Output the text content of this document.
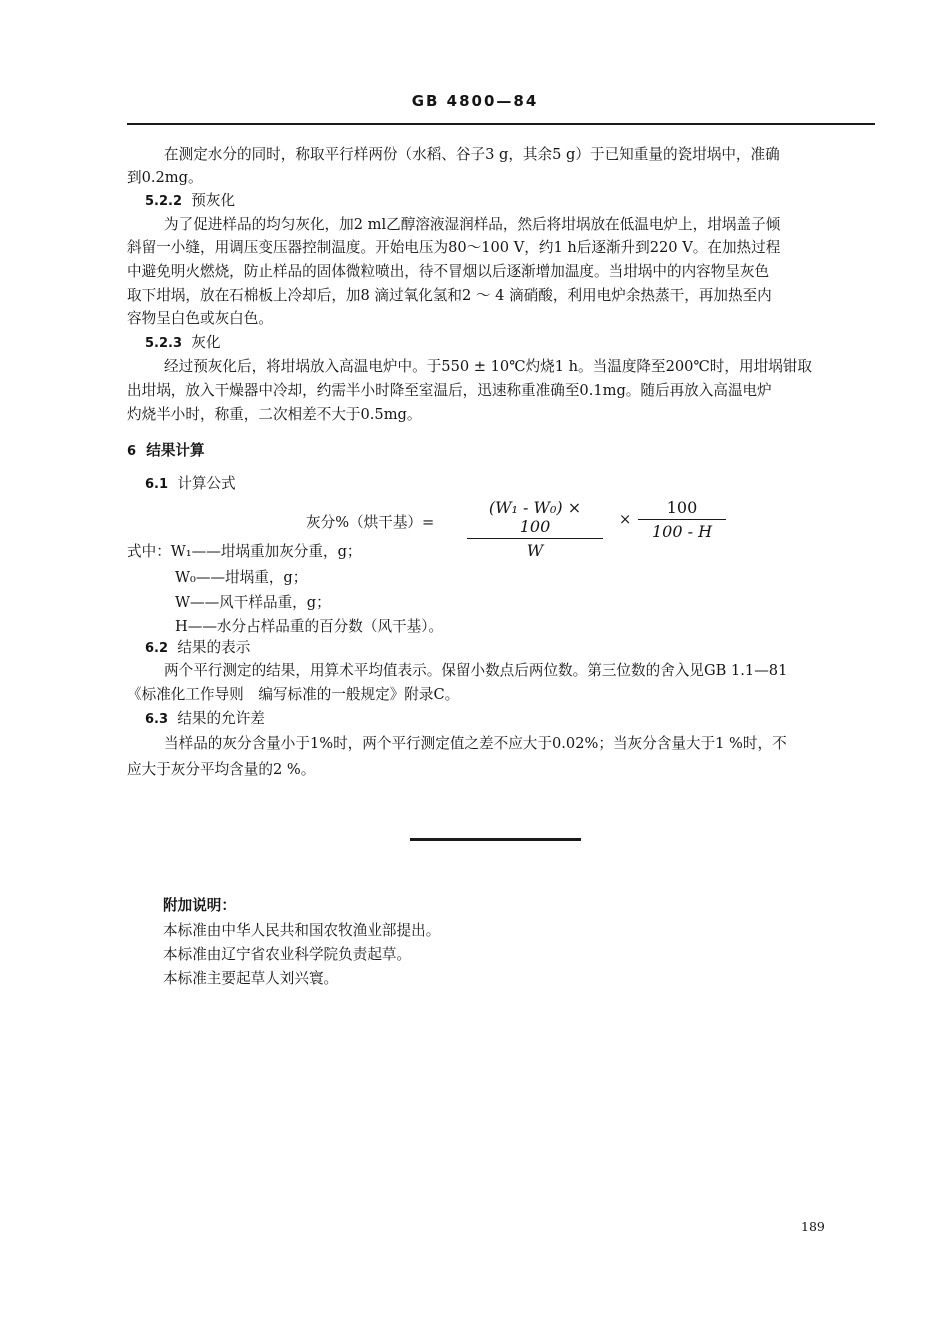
GB 4800—84
在测定水分的同时，称取平行样两份（水稻、谷子3 g，其余5 g）于已知重量的瓷坩埚中，准确
到0.2mg。
5.2.2 预灰化
为了促进样品的均匀灰化，加2 ml乙醇溶液湿润样品，然后将坩埚放在低温电炉上，坩埚盖子倾
斜留一小缝，用调压变压器控制温度。开始电压为80～100 V，约1 h后逐渐升到220 V。在加热过程
中避免明火燃烧，防止样品的固体微粒喷出，待不冒烟以后逐渐增加温度。当坩埚中的内容物呈灰色
取下坩埚，放在石棉板上冷却后，加8 滴过氧化氢和2 ～ 4 滴硝酸，利用电炉余热蒸干，再加热至内
容物呈白色或灰白色。
5.2.3 灰化
经过预灰化后，将坩埚放入高温电炉中。于550 ± 10℃灼烧1 h。当温度降至200℃时，用坩埚钳取
出坩埚，放入干燥器中冷却，约需半小时降至室温后，迅速称重准确至0.1mg。随后再放入高温电炉
灼烧半小时，称重，二次相差不大于0.5mg。
6 结果计算
6.1 计算公式
灰分%（烘干基）= $\frac{\text{(W₁ - W₀) × 100}}{W} \times \frac{100}{100 - H}$
式中：W₁——坩埚重加灰分重，g；
W₀——坩埚重，g；
W——风干样品重，g；
H——水分占样品重的百分数（风干基）。
6.2 结果的表示
两个平行测定的结果，用算术平均值表示。保留小数点后两位数。第三位数的舍入见GB 1.1—81
《标准化工作导则　编写标准的一般规定》附录C。
6.3 结果的允许差
当样品的灰分含量小于1%时，两个平行测定值之差不应大于0.02%；当灰分含量大于1 %时，不
应大于灰分平均含量的2 %。
附加说明：
本标准由中华人民共和国农牧渔业部提出。
本标准由辽宁省农业科学院负责起草。
本标准主要起草人刘兴寰。
189
